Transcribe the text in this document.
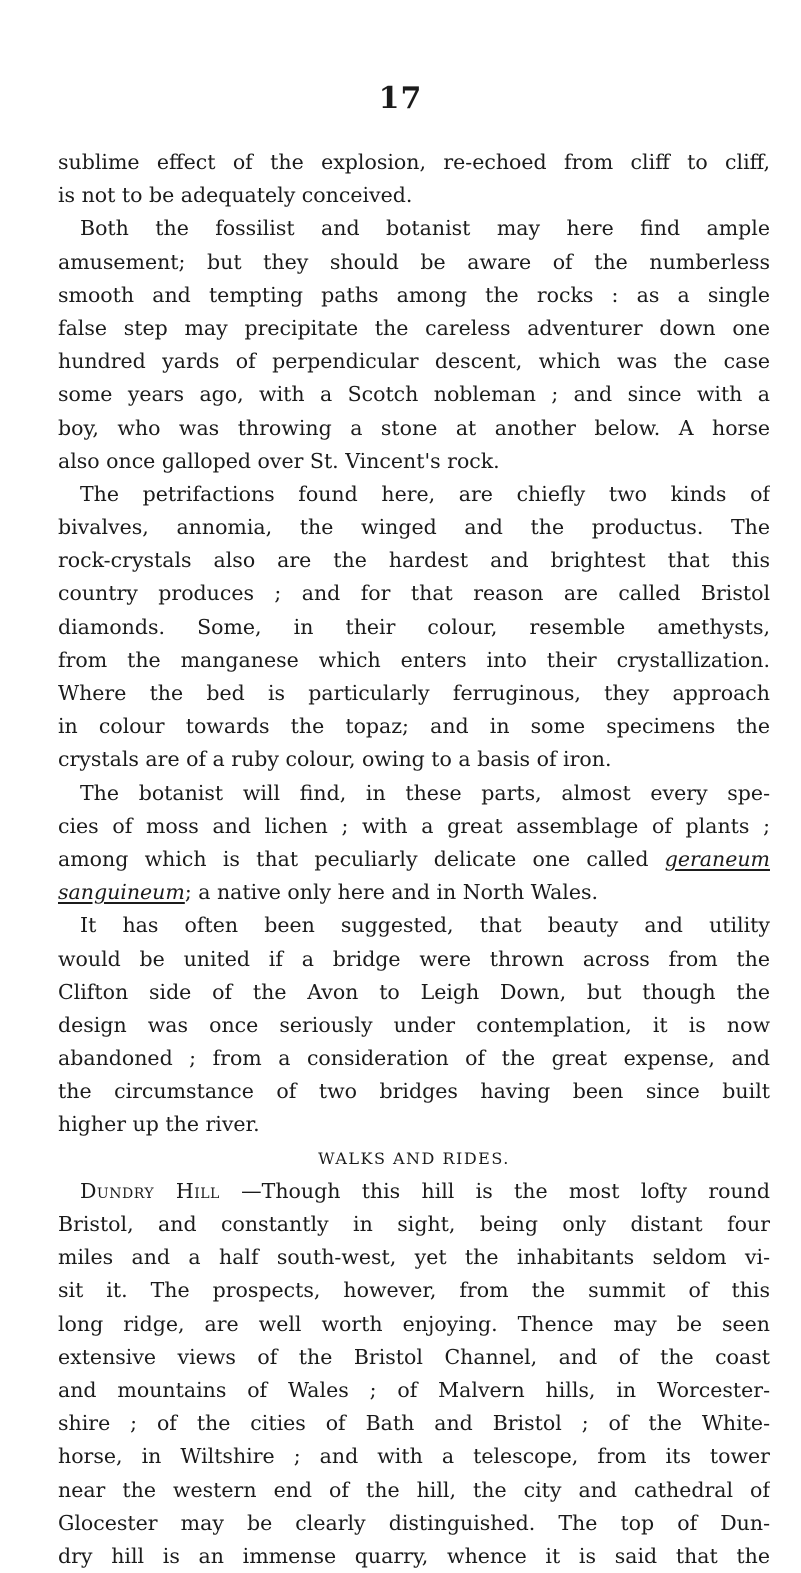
17
sublime effect of the explosion, re-echoed from cliff to cliff,
is not to be adequately conceived.
Both the fossilist and botanist may here find ample
amusement; but they should be aware of the numberless
smooth and tempting paths among the rocks : as a single
false step may precipitate the careless adventurer down one
hundred yards of perpendicular descent, which was the case
some years ago, with a Scotch nobleman ; and since with a
boy, who was throwing a stone at another below. A horse
also once galloped over St. Vincent's rock.
The petrifactions found here, are chiefly two kinds of
bivalves, annomia, the winged and the productus. The
rock-crystals also are the hardest and brightest that this
country produces ; and for that reason are called Bristol
diamonds. Some, in their colour, resemble amethysts,
from the manganese which enters into their crystallization.
Where the bed is particularly ferruginous, they approach
in colour towards the topaz; and in some specimens the
crystals are of a ruby colour, owing to a basis of iron.
The botanist will find, in these parts, almost every spe-
cies of moss and lichen ; with a great assemblage of plants ;
among which is that peculiarly delicate one called geraneum
sanguineum; a native only here and in North Wales.
It has often been suggested, that beauty and utility
would be united if a bridge were thrown across from the
Clifton side of the Avon to Leigh Down, but though the
design was once seriously under contemplation, it is now
abandoned ; from a consideration of the great expense, and
the circumstance of two bridges having been since built
higher up the river.
WALKS AND RIDES.
Dundry Hill —Though this hill is the most lofty round
Bristol, and constantly in sight, being only distant four
miles and a half south-west, yet the inhabitants seldom vi-
sit it. The prospects, however, from the summit of this
long ridge, are well worth enjoying. Thence may be seen
extensive views of the Bristol Channel, and of the coast
and mountains of Wales ; of Malvern hills, in Worcester-
shire ; of the cities of Bath and Bristol ; of the White-
horse, in Wiltshire ; and with a telescope, from its tower
near the western end of the hill, the city and cathedral of
Glocester may be clearly distinguished. The top of Dun-
dry hill is an immense quarry, whence it is said that the
